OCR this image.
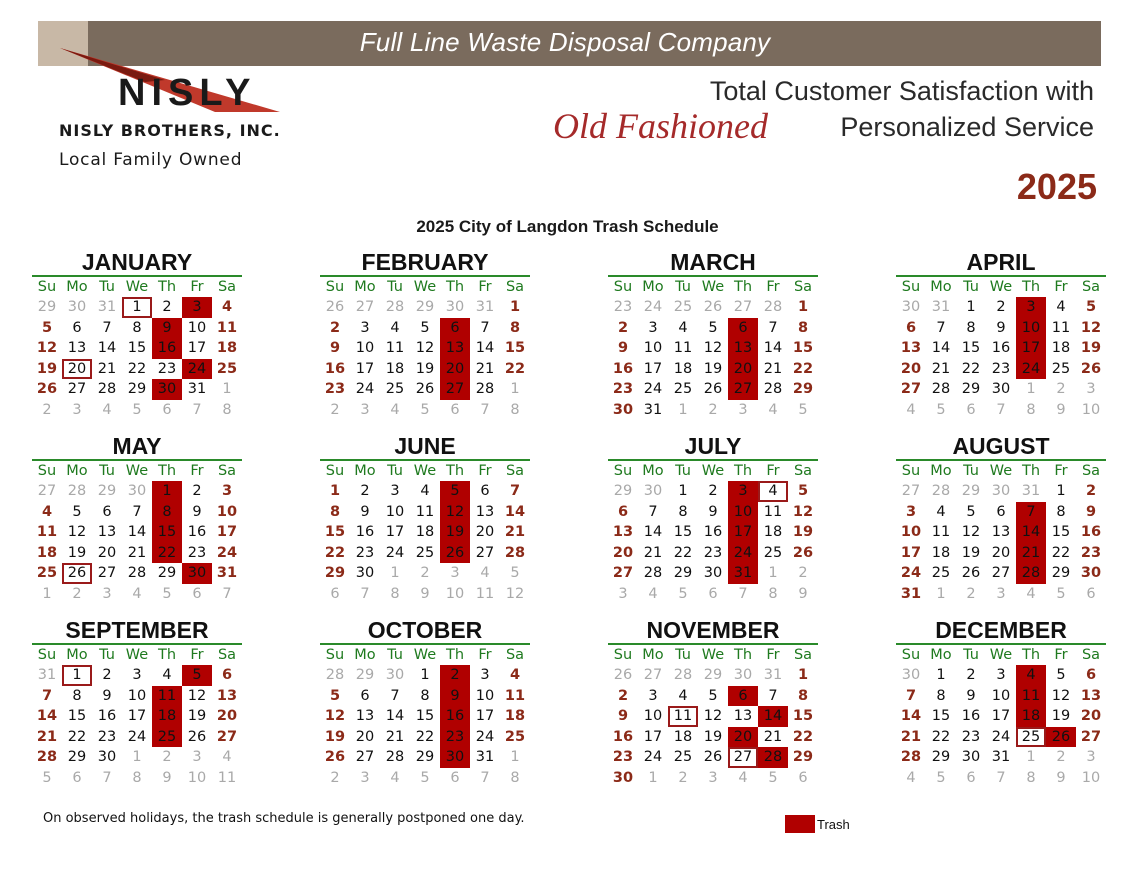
Full Line Waste Disposal Company
NISLY
NISLY BROTHERS, INC.
Local Family Owned
Total Customer Satisfaction with
Old Fashioned	Personalized Service
2025
2025 City of Langdon Trash Schedule
JANUARY
Su Mo Tu We Th Fr Sa
29 30 31	1	2	3	4
5	6	7	8	9	10 11
12 13 14 15 16 17 18
19 20 21 22 23 24 25
26 27 28 29 30 31	1
2	3	4	5	6	7	8
FEBRUARY
Su Mo Tu We Th Fr Sa
26 27 28 29 30 31	1
2	3	4	5	6	7	8
9	10 11 12 13 14 15
16 17 18 19 20 21 22
23 24 25 26 27 28	1
2	3	4	5	6	7	8
MARCH
Su Mo Tu We Th Fr Sa
23 24 25 26 27 28	1
2	3	4	5	6	7	8
9	10 11 12 13 14 15
16 17 18 19 20 21 22
23 24 25 26 27 28 29
30 31	1	2	3	4	5
APRIL
Su Mo Tu We Th Fr Sa
30 31	1	2	3	4	5
6	7	8	9	10 11 12
13 14 15 16 17 18 19
20 21 22 23 24 25 26
27 28 29 30	1	2	3
4	5	6	7	8	9	10
MAY
Su Mo Tu We Th Fr Sa
27 28 29 30	1	2	3
4	5	6	7	8	9	10
11 12 13 14 15 16 17
18 19 20 21 22 23 24
25 26 27 28 29 30 31
1	2	3	4	5	6	7
JUNE
Su Mo Tu We Th Fr Sa
1	2	3	4	5	6	7
8	9	10 11 12 13 14
15 16 17 18 19 20 21
22 23 24 25 26 27 28
29 30	1	2	3	4	5
6	7	8	9	10 11 12
JULY
Su Mo Tu We Th Fr Sa
29 30	1	2	3	4	5
6	7	8	9	10 11 12
13 14 15 16 17 18 19
20 21 22 23 24 25 26
27 28 29 30 31	1	2
3	4	5	6	7	8	9
AUGUST
Su Mo Tu We Th Fr Sa
27 28 29 30 31	1	2
3	4	5	6	7	8	9
10 11 12 13 14 15 16
17 18 19 20 21 22 23
24 25 26 27 28 29 30
31	1	2	3	4	5	6
SEPTEMBER
Su Mo Tu We Th Fr Sa
31	1	2	3	4	5	6
7	8	9	10 11 12 13
14 15 16 17 18 19 20
21 22 23 24 25 26 27
28 29 30	1	2	3	4
5	6	7	8	9	10 11
OCTOBER
Su Mo Tu We Th Fr Sa
28 29 30	1	2	3	4
5	6	7	8	9	10 11
12 13 14 15 16 17 18
19 20 21 22 23 24 25
26 27 28 29 30 31	1
2	3	4	5	6	7	8
NOVEMBER
Su Mo Tu We Th Fr Sa
26 27 28 29 30 31	1
2	3	4	5	6	7	8
9	10 11 12 13 14 15
16 17 18 19 20 21 22
23 24 25 26 27 28 29
30	1	2	3	4	5	6
DECEMBER
Su Mo Tu We Th Fr Sa
30	1	2	3	4	5	6
7	8	9	10 11 12 13
14 15 16 17 18 19 20
21 22 23 24 25 26 27
28 29 30 31	1	2	3
4	5	6	7	8	9	10
On observed holidays, the trash schedule is generally postponed one day.	Trash
